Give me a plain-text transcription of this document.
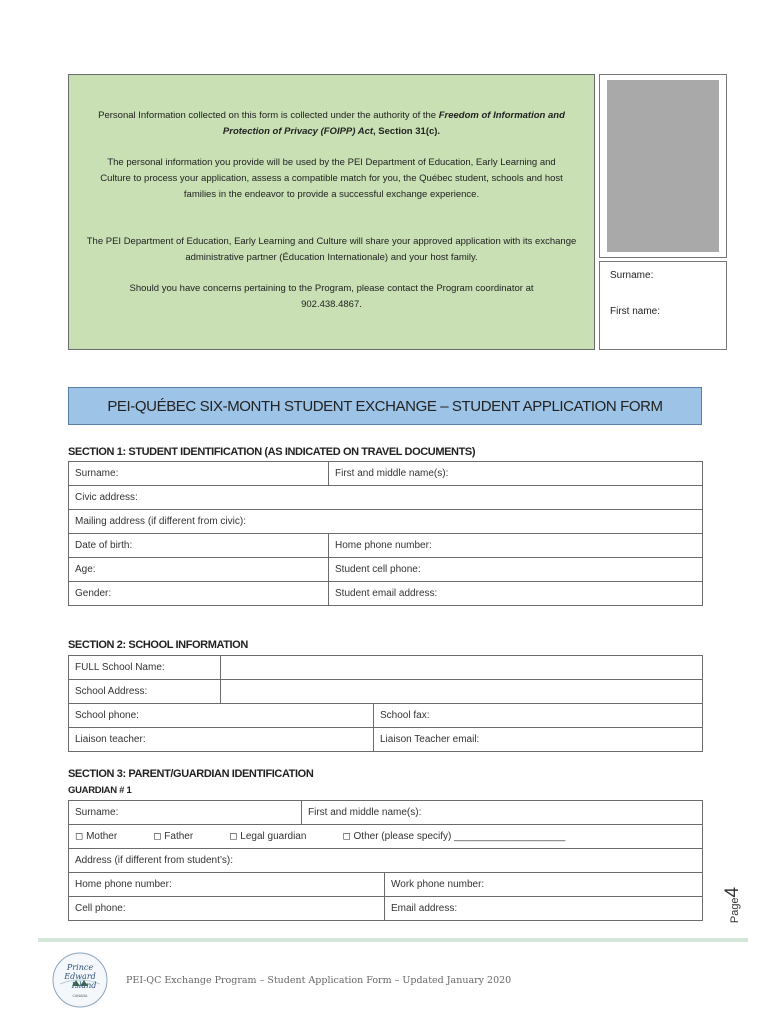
Personal Information collected on this form is collected under the authority of the Freedom of Information and Protection of Privacy (FOIPP) Act, Section 31(c).

The personal information you provide will be used by the PEI Department of Education, Early Learning and Culture to process your application, assess a compatible match for you, the Québec student, schools and host families in the endeavor to provide a successful exchange experience.

The PEI Department of Education, Early Learning and Culture will share your approved application with its exchange administrative partner (Éducation Internationale) and your host family.

Should you have concerns pertaining to the Program, please contact the Program coordinator at 902.438.4867.

Surname:
First name:
PEI-QUÉBEC SIX-MONTH STUDENT EXCHANGE – STUDENT APPLICATION FORM
SECTION 1: STUDENT IDENTIFICATION (AS INDICATED ON TRAVEL DOCUMENTS)
Surname:	First and middle name(s):
Civic address:	
Mailing address (if different from civic):	
Date of birth:	Home phone number:
Age:	Student cell phone:
Gender:	Student email address:
SECTION 2: SCHOOL INFORMATION
FULL School Name:	
School Address:	
School phone:	School fax:
Liaison teacher:	Liaison Teacher email:
SECTION 3: PARENT/GUARDIAN IDENTIFICATION
GUARDIAN # 1
Surname:	First and middle name(s):
◻ Mother	◻ Father	◻ Legal guardian	◻ Other (please specify) ____________________
Address (if different from student’s):
Home phone number:	Work phone number:
Cell phone:	Email address:	Page4
Prince
Edward
Island
CANADA
PEI-QC Exchange Program – Student Application Form – Updated January 2020
